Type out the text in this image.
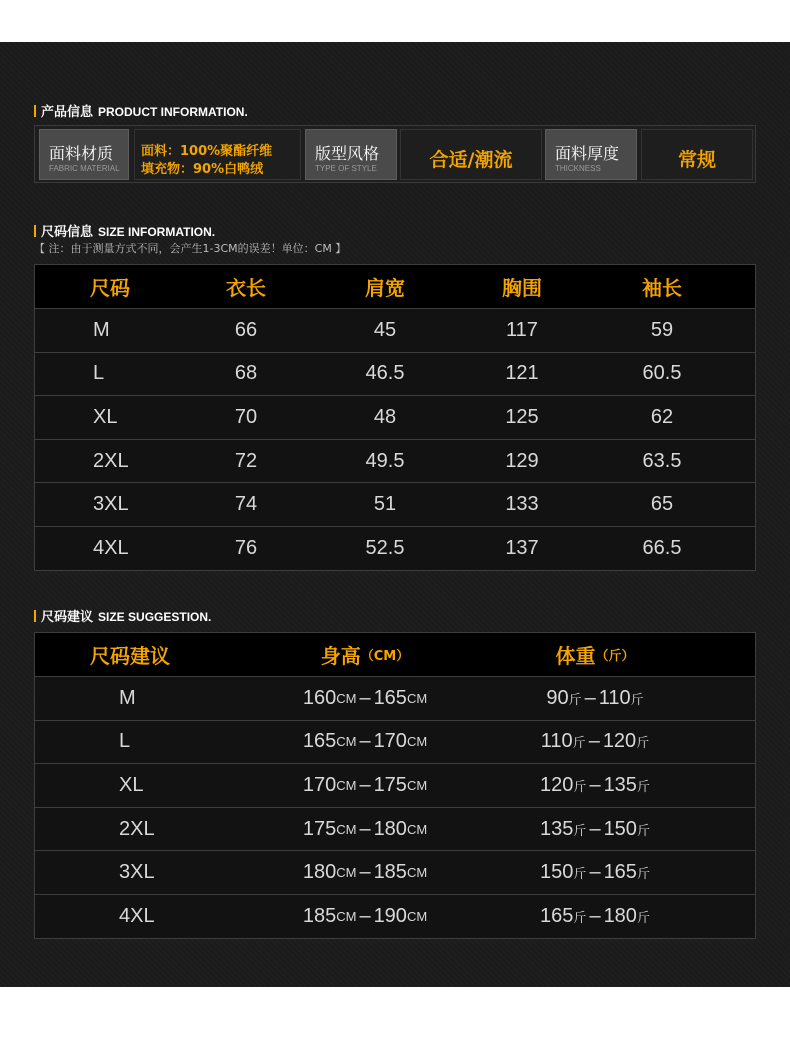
产品信息 PRODUCT INFORMATION.
面料材质
FABRIC MATERIAL
面料：100%聚酯纤维
填充物：90%白鸭绒
版型风格
TYPE OF STYLE	合适/潮流	面料厚度
THICKNESS	常规
尺码信息 SIZE INFORMATION.
【 注：由于测量方式不同，会产生1-3CM的误差！单位：CM 】
尺码	衣长	肩宽	胸围	袖长
M	66	45	117	59
L	68	46.5	121	60.5
XL	70	48	125	62
2XL	72	49.5	129	63.5
3XL	74	51	133	65
4XL	76	52.5	137	66.5
尺码建议 SIZE SUGGESTION.
尺码建议	身高 （CM）	体重 （斤）
M	160 CM – 165 CM	90 斤 – 110 斤
L	165 CM – 170 CM	110 斤 – 120 斤
XL	170 CM – 175 CM	120 斤 – 135 斤
2XL	175 CM – 180 CM	135 斤 – 150 斤
3XL	180 CM – 185 CM	150 斤 – 165 斤
4XL	185 CM – 190 CM	165 斤 – 180 斤
